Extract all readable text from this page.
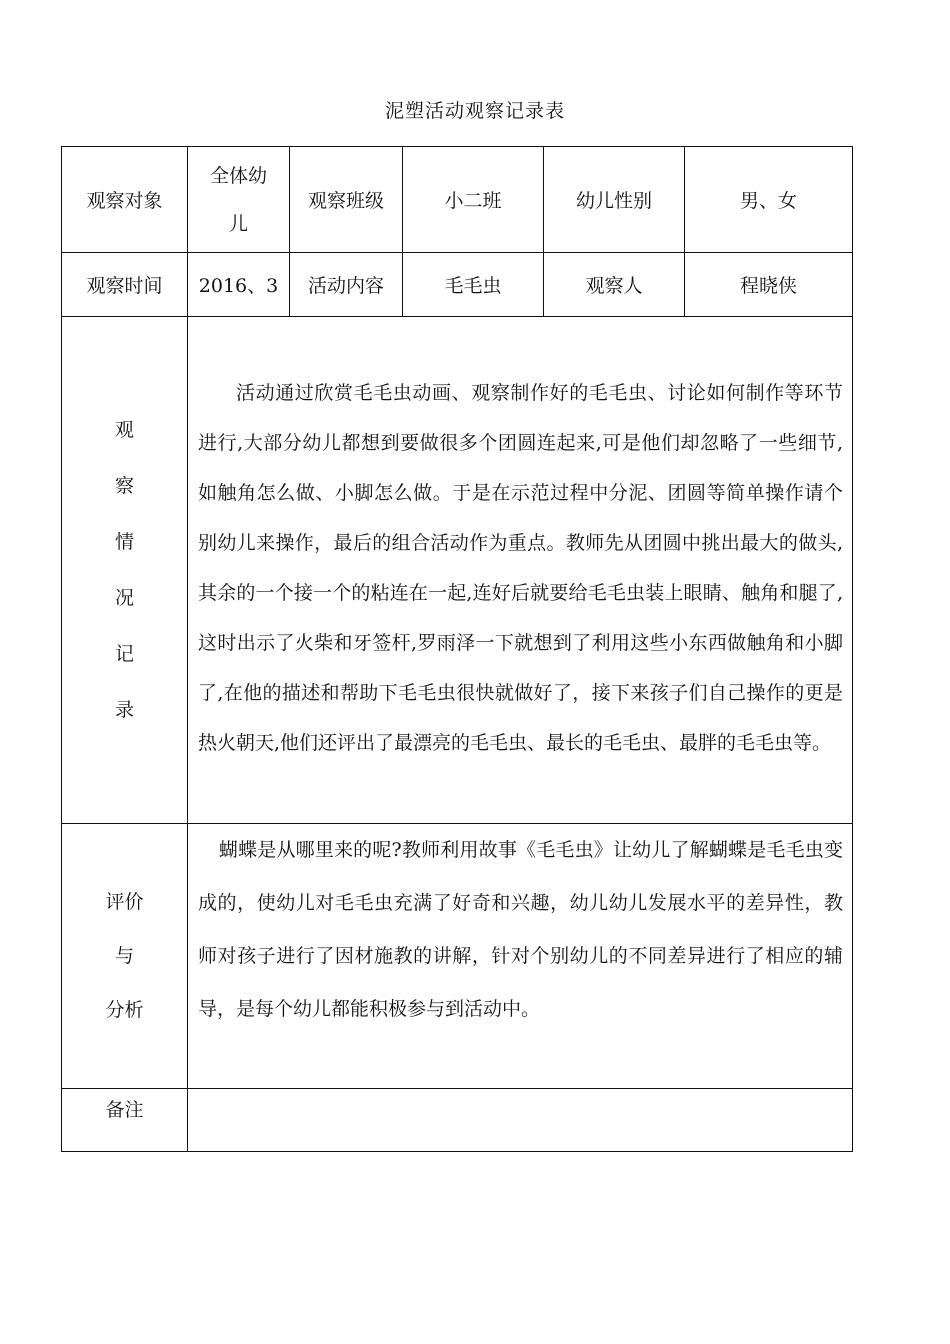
泥塑活动观察记录表
观察对象	全体幼儿	观察班级	小二班	幼儿性别	男、女
观察时间	2016、3	活动内容	毛毛虫	观察人	程晓侠

观察情况记录	活动通过欣赏毛毛虫动画、观察制作好的毛毛虫、讨论如何制作等环节进行,大部分幼儿都想到要做很多个团圆连起来,可是他们却忽略了一些细节,如触角怎么做、小脚怎么做。于是在示范过程中分泥、团圆等简单操作请个别幼儿来操作，最后的组合活动作为重点。教师先从团圆中挑出最大的做头,其余的一个接一个的粘连在一起,连好后就要给毛毛虫装上眼睛、触角和腿了,这时出示了火柴和牙签杆,罗雨泽一下就想到了利用这些小东西做触角和小脚了,在他的描述和帮助下毛毛虫很快就做好了，接下来孩子们自己操作的更是热火朝天,他们还评出了最漂亮的毛毛虫、最长的毛毛虫、最胖的毛毛虫等。				

评价
与
分析	蝴蝶是从哪里来的呢?教师利用故事《毛毛虫》让幼儿了解蝴蝶是毛毛虫变成的，使幼儿对毛毛虫充满了好奇和兴趣，幼儿幼儿发展水平的差异性，教师对孩子进行了因材施教的讲解，针对个别幼儿的不同差异进行了相应的辅导，是每个幼儿都能积极参与到活动中。				

备注					
